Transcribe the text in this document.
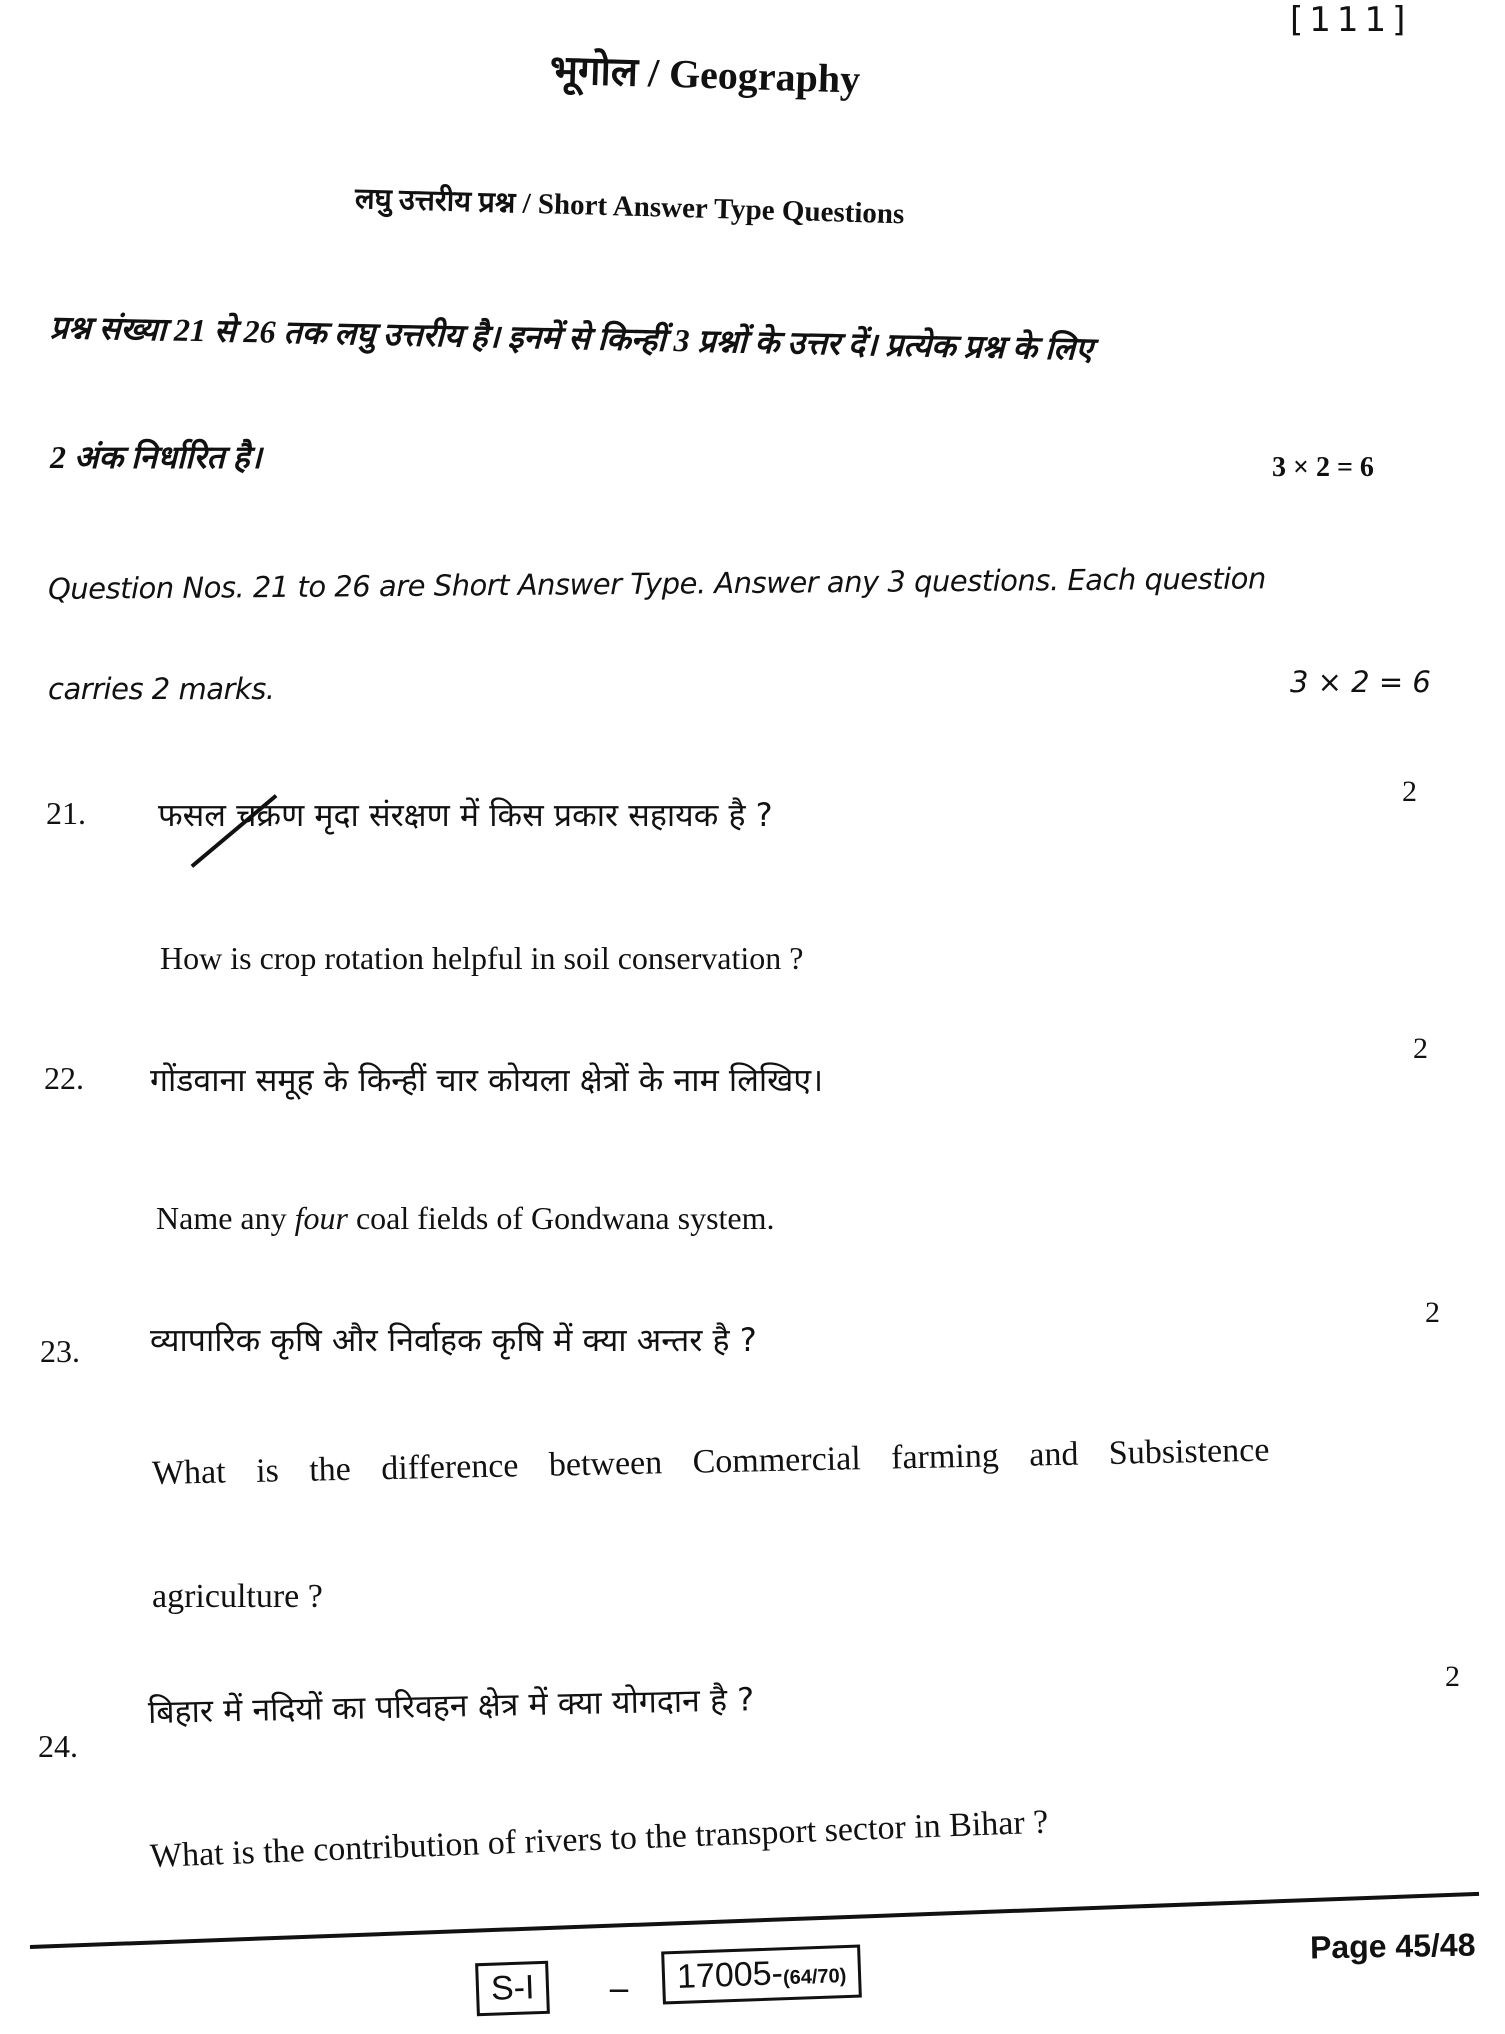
[111]
भूगोल / Geography
लघु उत्तरीय प्रश्न / Short Answer Type Questions
प्रश्न संख्या 21 से 26 तक लघु उत्तरीय है। इनमें से किन्हीं 3 प्रश्नों के उत्तर दें। प्रत्येक प्रश्न के लिए
2 अंक निर्धारित है।	3 × 2 = 6
Question Nos. 21 to 26 are Short Answer Type. Answer any 3 questions. Each question
carries 2 marks.	3 × 2 = 6
21. फसल चक्रण मृदा संरक्षण में किस प्रकार सहायक है ?
2
How is crop rotation helpful in soil conservation ?
22. गोंडवाना समूह के किन्हीं चार कोयला क्षेत्रों के नाम लिखिए।
2
Name any four coal fields of Gondwana system.
23. व्यापारिक कृषि और निर्वाहक कृषि में क्या अन्तर है ?
2
What is the difference between Commercial farming and Subsistence
agriculture ?
24.
बिहार में नदियों का परिवहन क्षेत्र में क्या योगदान है ?
2
What is the contribution of rivers to the transport sector in Bihar ?
S-I	–	17005-(64/70)
Page 45/48
